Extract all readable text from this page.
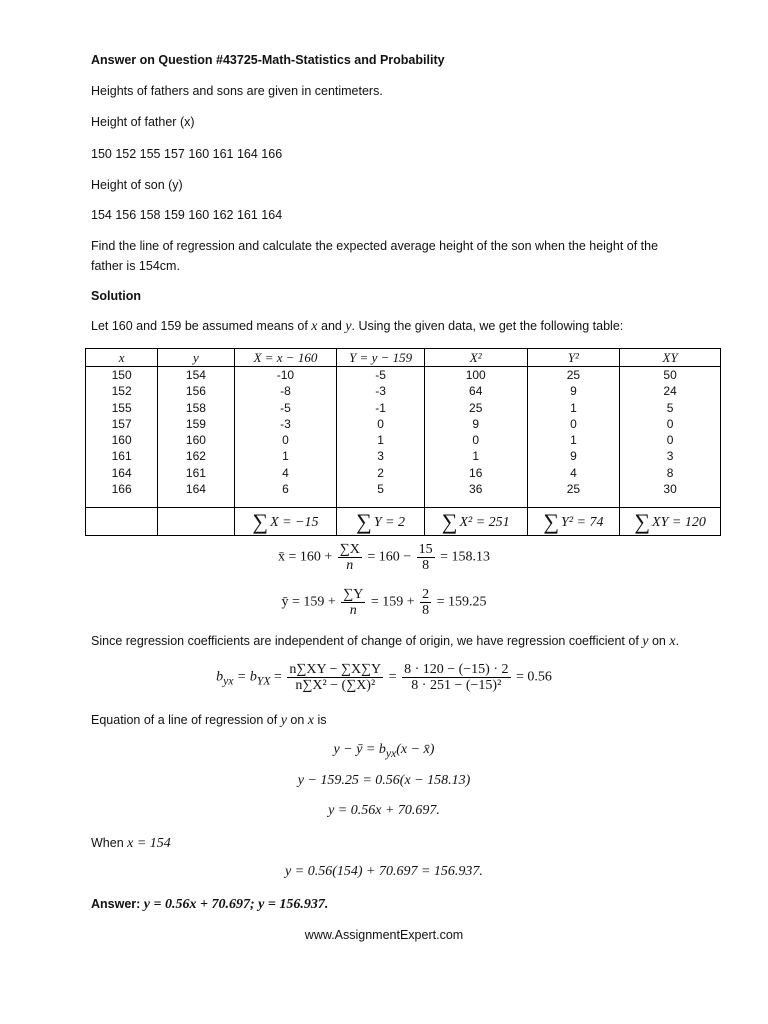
Answer on Question #43725-Math-Statistics and Probability

Heights of fathers and sons are given in centimeters.

Height of father (x)

150 152 155 157 160 161 164 166

Height of son (y)

154 156 158 159 160 162 161 164

Find the line of regression and calculate the expected average height of the son when the height of the father is 154cm.

Solution

Let 160 and 159 be assumed means of x and y. Using the given data, we get the following table:

x	y	X = x − 160	Y = y − 159	X²	Y²	XY
150	154	-10	-5	100	25	50
152	156	-8	-3	64	9	24
155	158	-5	-1	25	1	5
157	159	-3	0	9	0	0
160	160	0	1	0	1	0
161	162	1	3	1	9	3
164	161	4	2	16	4	8
166	164	6	5	36	25	30

		∑ X = −15	∑ Y = 2	∑ X² = 251	∑ Y² = 74	∑ XY = 120
x̄ = $160 + \frac{\sum X}{n} = 160 - \frac{15}{8} = 158.13$
ȳ = $159 + \frac{\sum Y}{n} = 159 + \frac{2}{8} = 159.25$

Since regression coefficients are independent of change of origin, we have regression coefficient of y on x.

$b_{yx} = b_{YX} = \frac{n\sum XY - \sum X\sum Y}{\text{n∑X² − (∑X)²}} = \frac{8 \cdot 120 - (-15) \cdot 2}{\text{8 · 251 − (−15)²}} = 0.56$

Equation of a line of regression of y on x is

y − ȳ = $b_{yx}(x$ − x̄)
y − 159.25 = 0.56(x − 158.13)
y = 0.56x + 70.697.

When x = 154

y = 0.56(154) + 70.697 = 156.937.

Answer: y = 0.56x + 70.697; y = 156.937.

www.AssignmentExpert.com
